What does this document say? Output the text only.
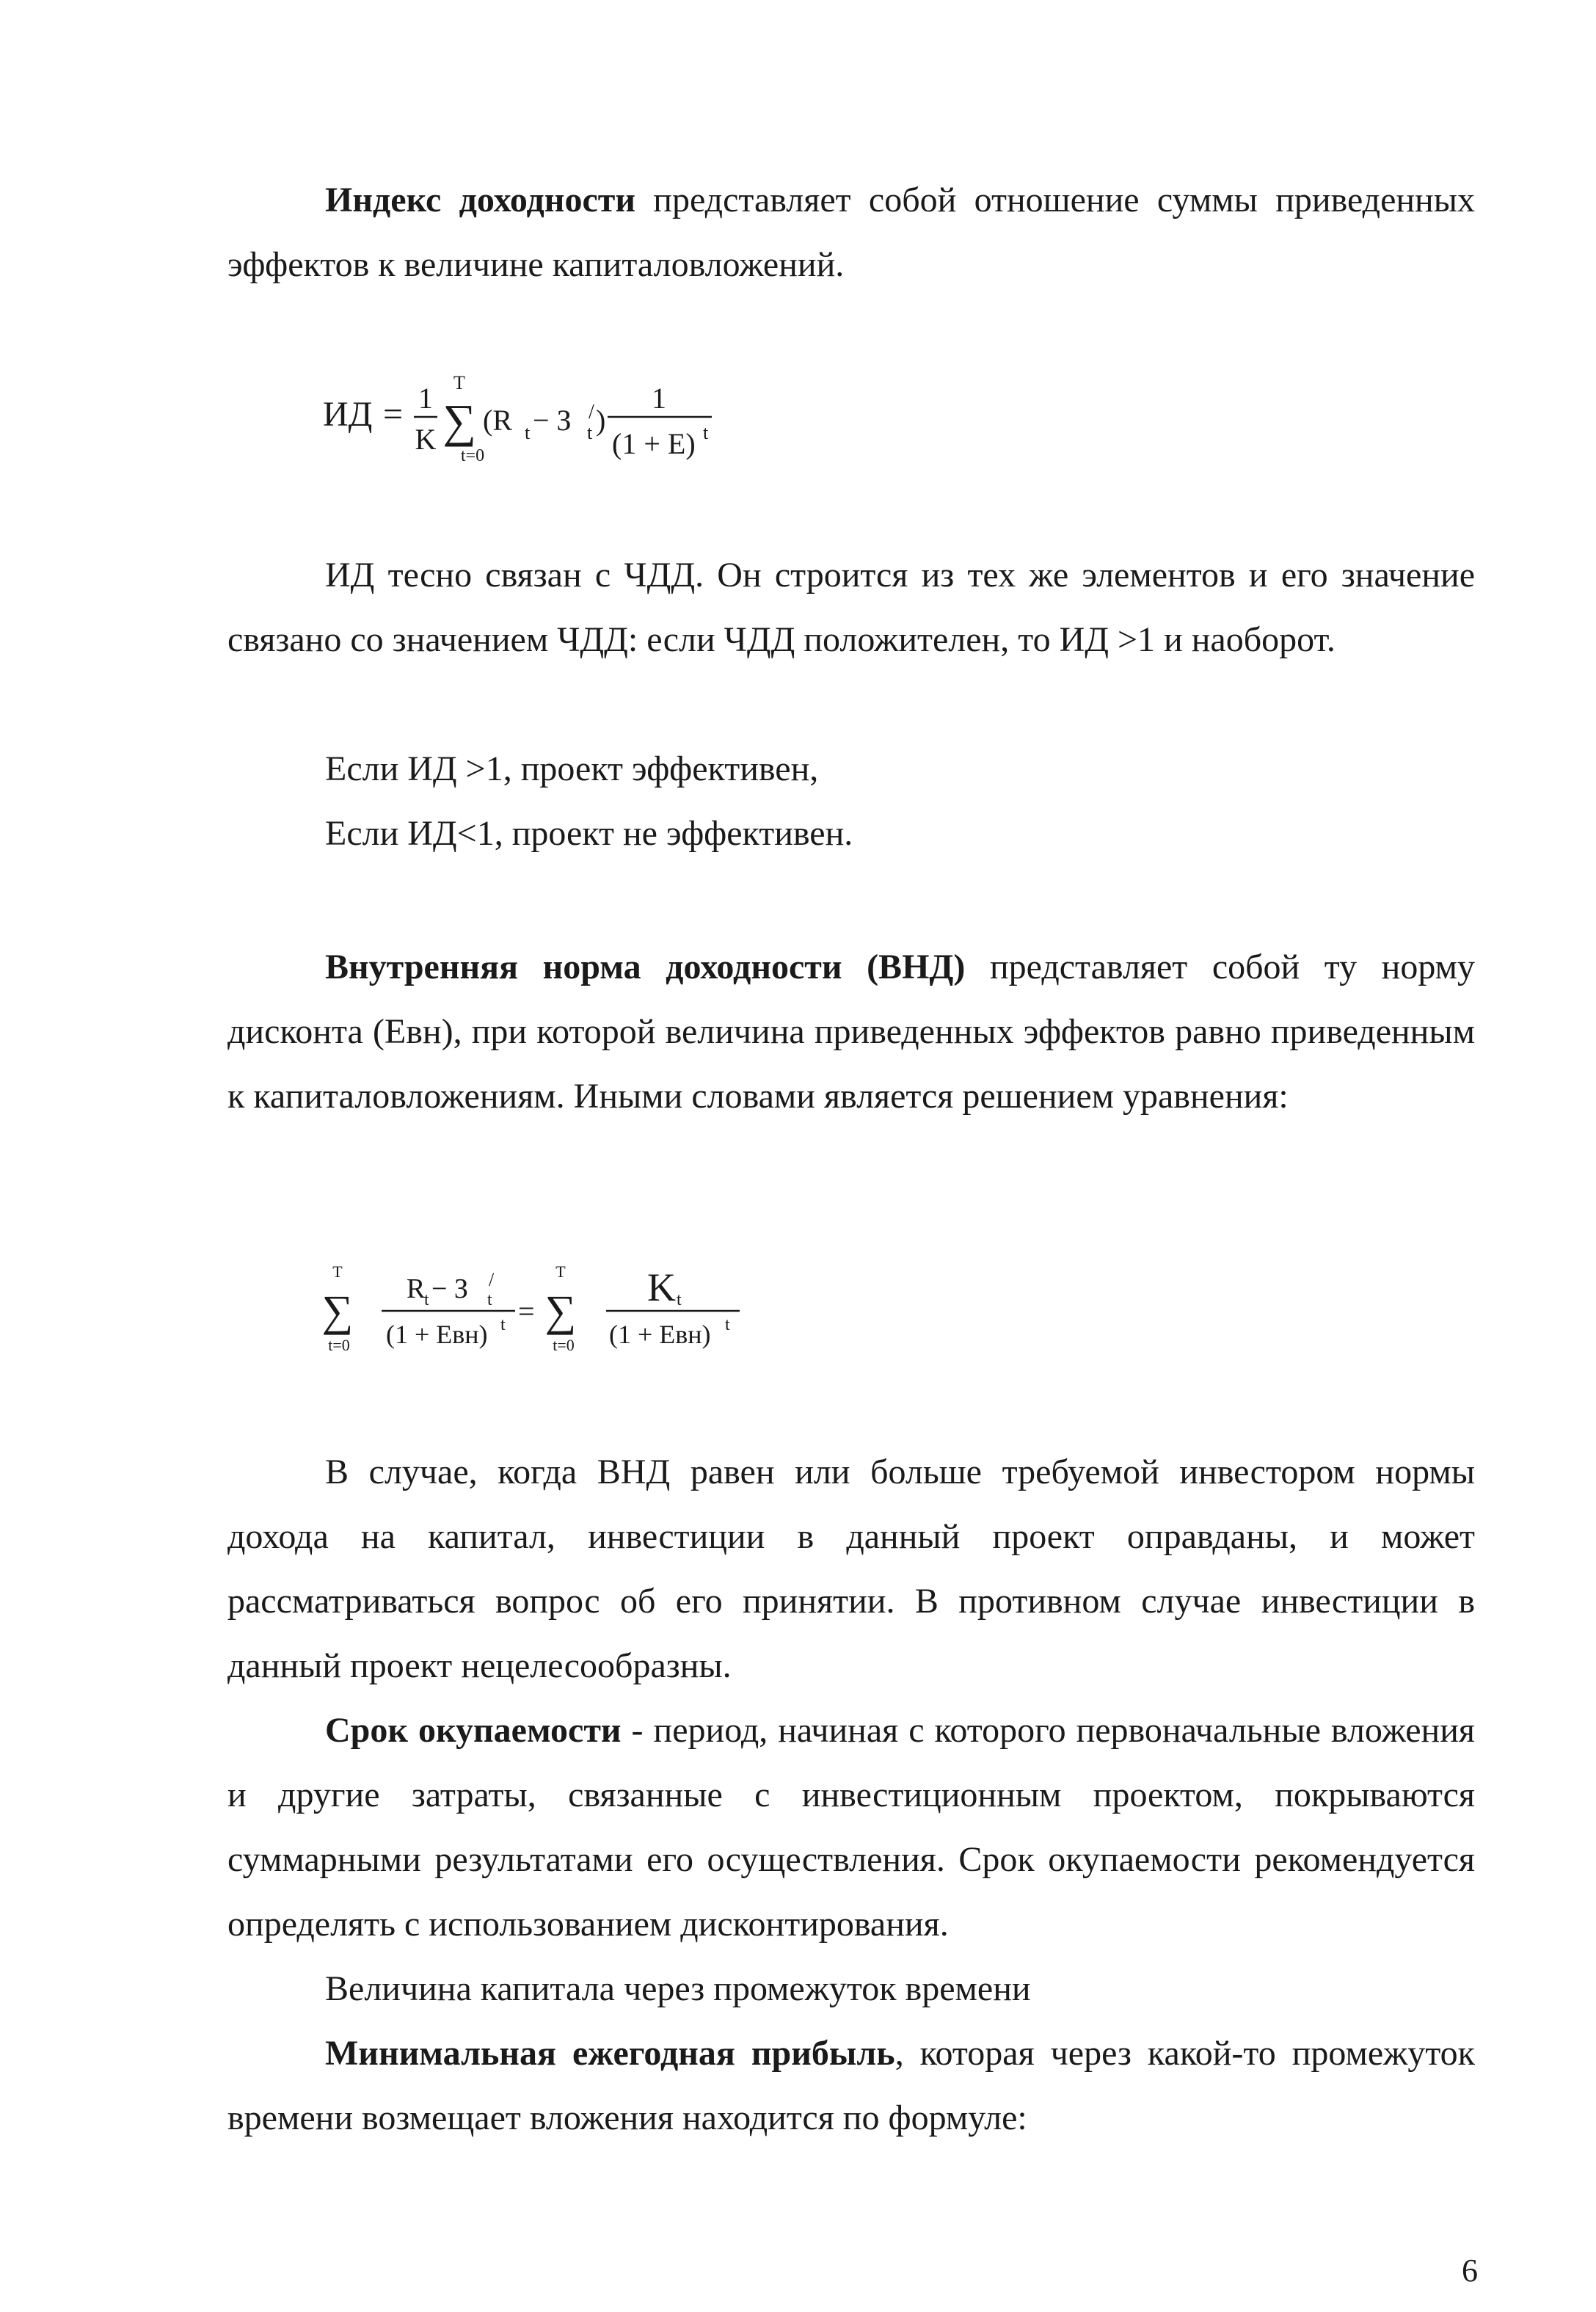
Индекс доходности представляет собой отношение суммы приведенных эффектов к величине капиталовложений.

ИД = 1
K
T
∑
t=0
(R t − З /
t )
1
(1 + E) t

ИД тесно связан с ЧДД. Он строится из тех же элементов и его значение связано со значением ЧДД: если ЧДД положителен, то ИД >1 и наоборот.

Если ИД >1, проект эффективен,

Если ИД<1, проект не эффективен.

Внутренняя норма доходности (ВНД) представляет собой ту норму дисконта (Евн), при которой величина приведенных эффектов равно приведенным к капиталовложениям. Иными словами является решением уравнения:

T
∑
t=0
R
t − З /
t
(1 + Евн) t =
T
∑
t=0
K t
(1 + Евн) t

В случае, когда ВНД равен или больше требуемой инвестором нормы дохода на капитал, инвестиции в данный проект оправданы, и может рассматриваться вопрос об его принятии. В противном случае инвестиции в данный проект нецелесообразны.

Срок окупаемости - период, начиная с которого первоначальные вложения и другие затраты, связанные с инвестиционным проектом, покрываются суммарными результатами его осуществления. Срок окупаемости рекомендуется определять с использованием дисконтирования.

Величина капитала через промежуток времени

Минимальная ежегодная прибыль, которая через какой-то промежуток времени возмещает вложения находится по формуле:

6
